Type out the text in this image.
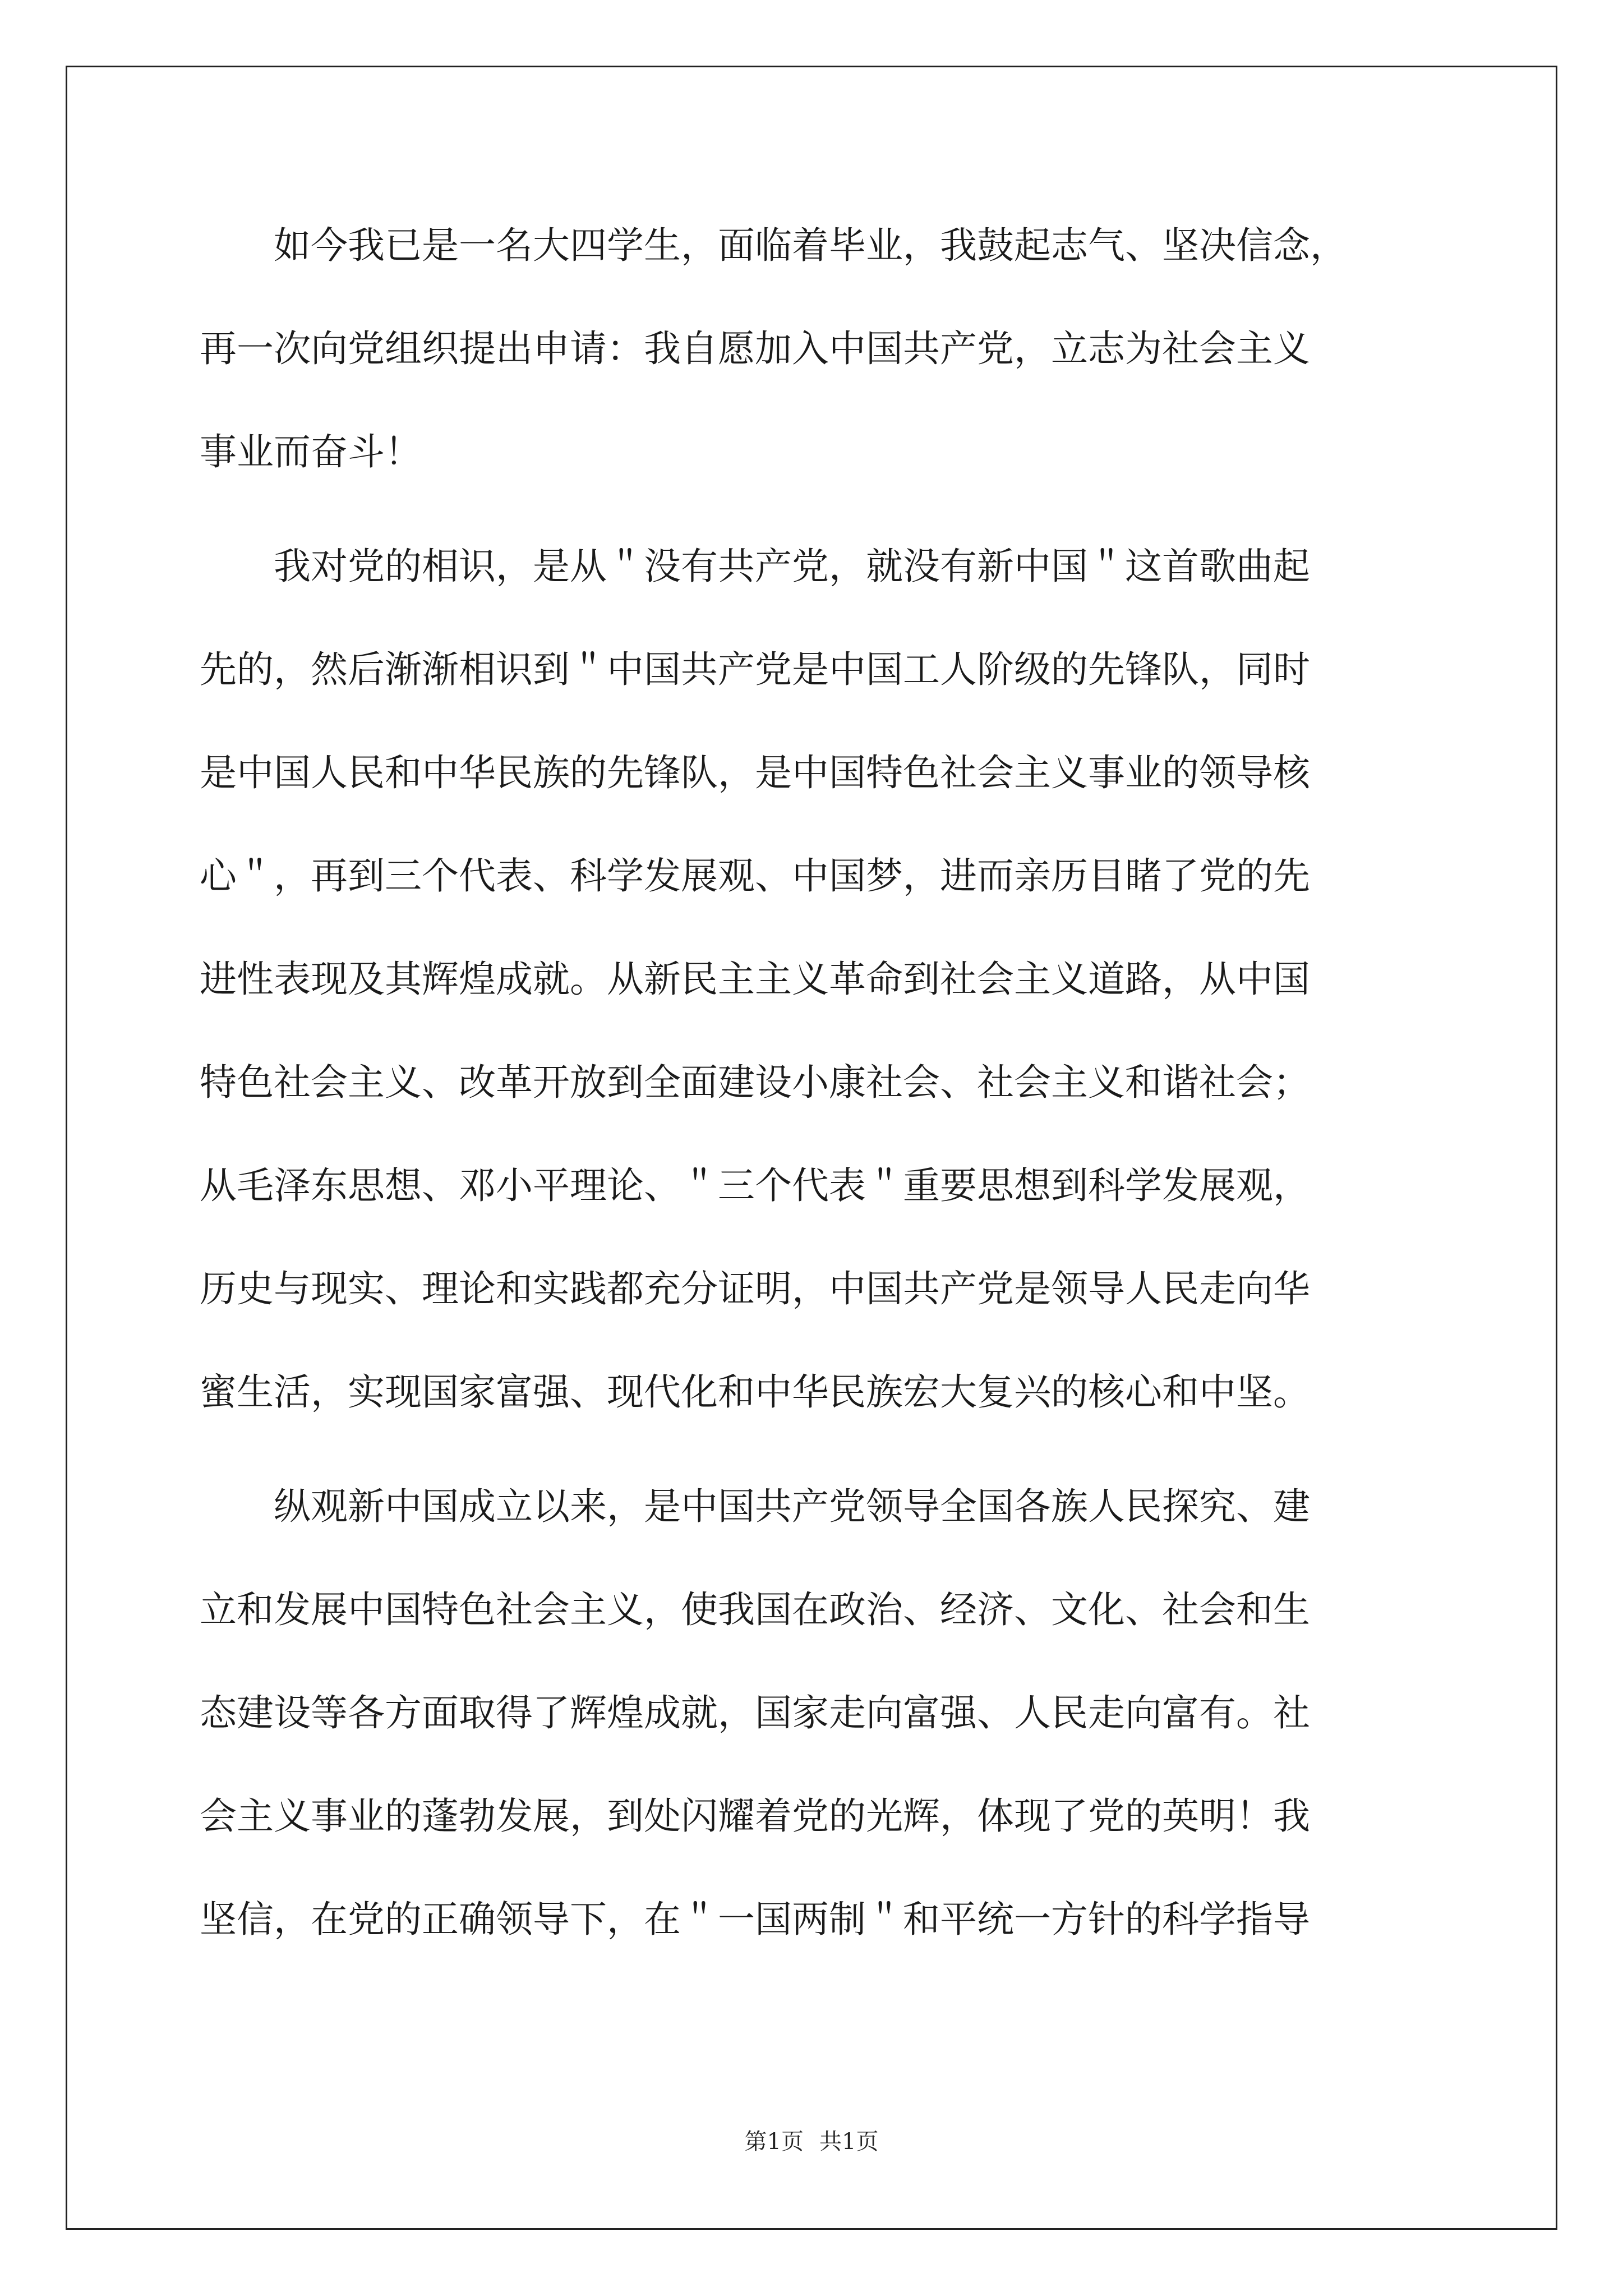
　　如今我已是一名大四学生，面临着毕业，我鼓起志气、坚决信念，
再一次向党组织提出申请：我自愿加入中国共产党，立志为社会主义
事业而奋斗！
　　我对党的相识，是从＂没有共产党，就没有新中国＂这首歌曲起
先的，然后渐渐相识到＂中国共产党是中国工人阶级的先锋队，同时
是中国人民和中华民族的先锋队，是中国特色社会主义事业的领导核
心＂，再到三个代表、科学发展观、中国梦，进而亲历目睹了党的先
进性表现及其辉煌成就。从新民主主义革命到社会主义道路，从中国
特色社会主义、改革开放到全面建设小康社会、社会主义和谐社会；
从毛泽东思想、邓小平理论、＂三个代表＂重要思想到科学发展观，
历史与现实、理论和实践都充分证明，中国共产党是领导人民走向华
蜜生活，实现国家富强、现代化和中华民族宏大复兴的核心和中坚。
　　纵观新中国成立以来，是中国共产党领导全国各族人民探究、建
立和发展中国特色社会主义，使我国在政治、经济、文化、社会和生
态建设等各方面取得了辉煌成就，国家走向富强、人民走向富有。社
会主义事业的蓬勃发展，到处闪耀着党的光辉，体现了党的英明！我
坚信，在党的正确领导下，在＂一国两制＂和平统一方针的科学指导
第1页 共1页
